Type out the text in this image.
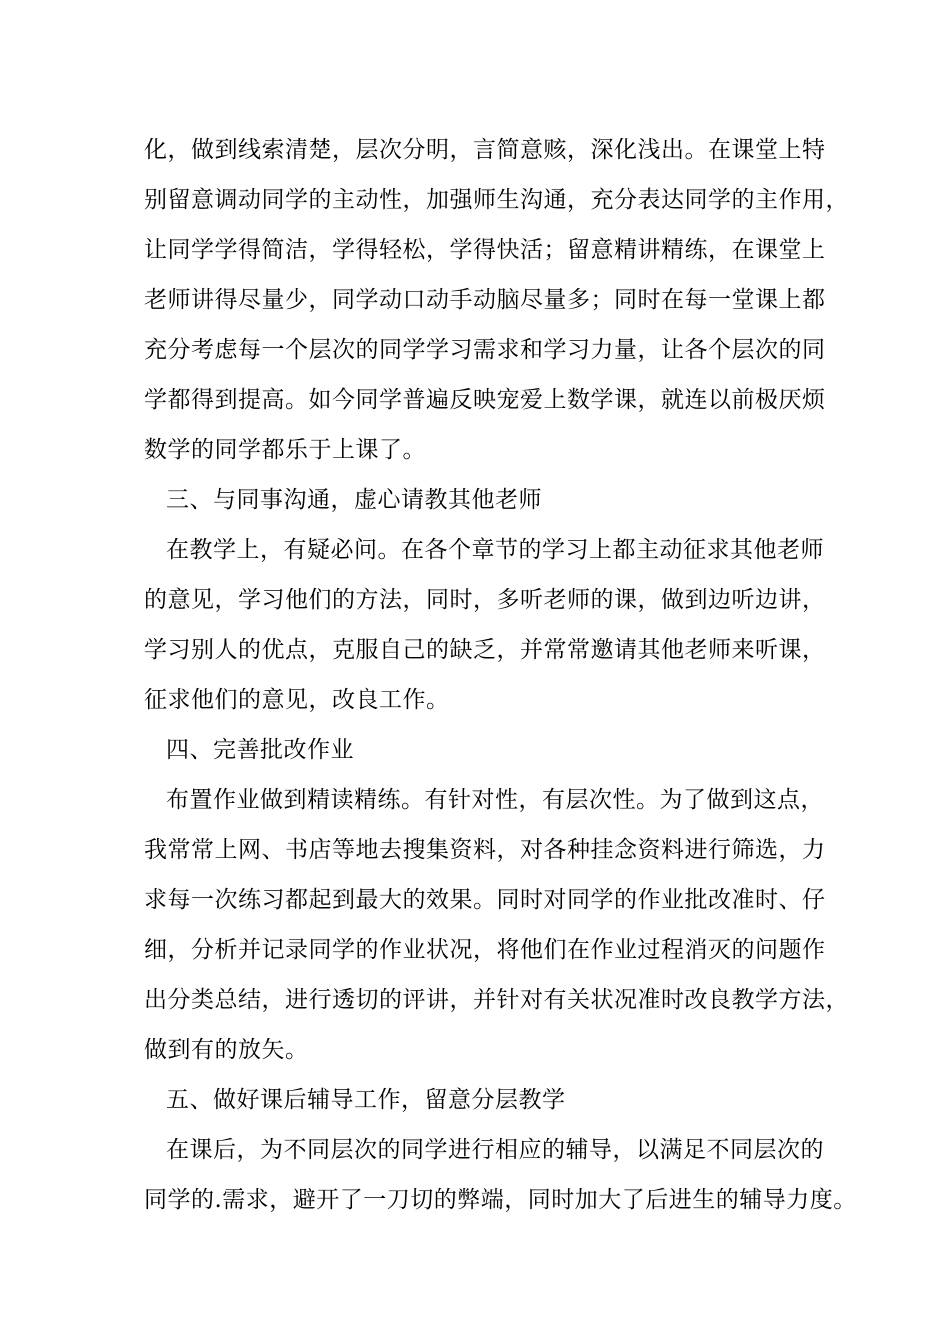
化，做到线索清楚，层次分明，言简意赅，深化浅出。在课堂上特
别留意调动同学的主动性，加强师生沟通，充分表达同学的主作用，
让同学学得简洁，学得轻松，学得快活；留意精讲精练，在课堂上
老师讲得尽量少，同学动口动手动脑尽量多；同时在每一堂课上都
充分考虑每一个层次的同学学习需求和学习力量，让各个层次的同
学都得到提高。如今同学普遍反映宠爱上数学课，就连以前极厌烦
数学的同学都乐于上课了。
三、与同事沟通，虚心请教其他老师
在教学上，有疑必问。在各个章节的学习上都主动征求其他老师
的意见，学习他们的方法，同时，多听老师的课，做到边听边讲，
学习别人的优点，克服自己的缺乏，并常常邀请其他老师来听课，
征求他们的意见，改良工作。
四、完善批改作业
布置作业做到精读精练。有针对性，有层次性。为了做到这点，
我常常上网、书店等地去搜集资料，对各种挂念资料进行筛选，力
求每一次练习都起到最大的效果。同时对同学的作业批改准时、仔
细，分析并记录同学的作业状况，将他们在作业过程消灭的问题作
出分类总结，进行透切的评讲，并针对有关状况准时改良教学方法，
做到有的放矢。
五、做好课后辅导工作，留意分层教学
在课后，为不同层次的同学进行相应的辅导，以满足不同层次的
同学的.需求，避开了一刀切的弊端，同时加大了后进生的辅导力度。
